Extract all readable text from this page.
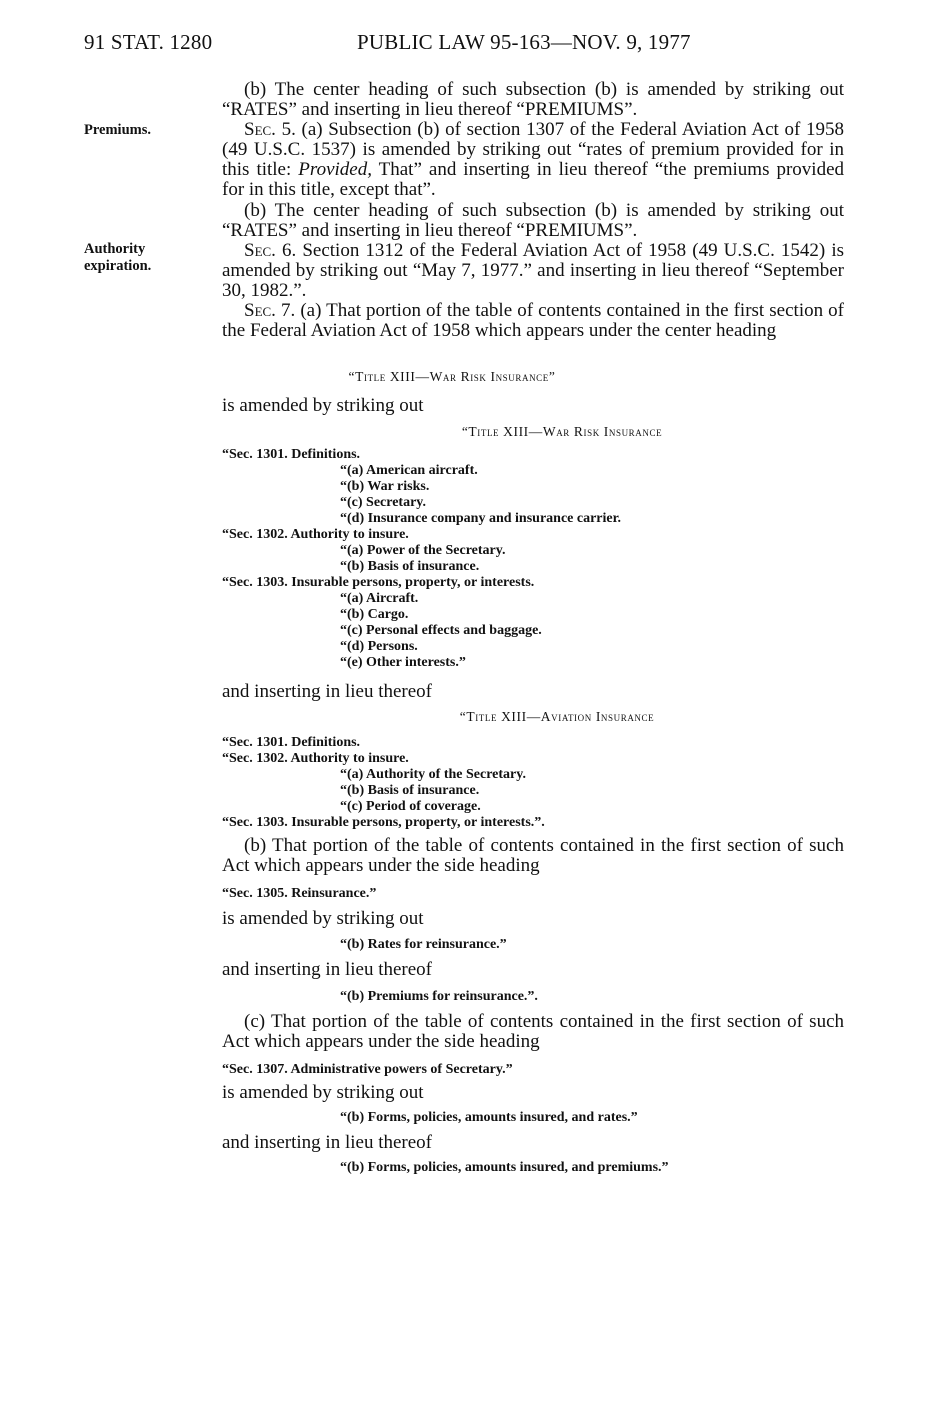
91 STAT. 1280	PUBLIC LAW 95-163—NOV. 9, 1977
Premiums.
Authority
expiration.

(b) The center heading of such subsection (b) is amended by striking out “RATES” and inserting in lieu thereof “PREMIUMS”.

Sec. 5. (a) Subsection (b) of section 1307 of the Federal Aviation Act of 1958 (49 U.S.C. 1537) is amended by striking out “rates of premium provided for in this title: Provided, That” and inserting in lieu thereof “the premiums provided for in this title, except that”.

(b) The center heading of such subsection (b) is amended by striking out “RATES” and inserting in lieu thereof “PREMIUMS”.

Sec. 6. Section 1312 of the Federal Aviation Act of 1958 (49 U.S.C. 1542) is amended by striking out “May 7, 1977.” and inserting in lieu thereof “September 30, 1982.”.

Sec. 7. (a) That portion of the table of contents contained in the first section of the Federal Aviation Act of 1958 which appears under the center heading

“Title XIII—War Risk Insurance”
is amended by striking out
“Title XIII—War Risk Insurance
“Sec. 1301. Definitions.
“(a) American aircraft.
“(b) War risks.
“(c) Secretary.
“(d) Insurance company and insurance carrier.
“Sec. 1302. Authority to insure.
“(a) Power of the Secretary.
“(b) Basis of insurance.
“Sec. 1303. Insurable persons, property, or interests.
“(a) Aircraft.
“(b) Cargo.
“(c) Personal effects and baggage.
“(d) Persons.
“(e) Other interests.”
and inserting in lieu thereof
“Title XIII—Aviation Insurance
“Sec. 1301. Definitions.
“Sec. 1302. Authority to insure.
“(a) Authority of the Secretary.
“(b) Basis of insurance.
“(c) Period of coverage.
“Sec. 1303. Insurable persons, property, or interests.”.

(b) That portion of the table of contents contained in the first section of such Act which appears under the side heading

“Sec. 1305. Reinsurance.”
is amended by striking out
“(b) Rates for reinsurance.”
and inserting in lieu thereof
“(b) Premiums for reinsurance.”.

(c) That portion of the table of contents contained in the first section of such Act which appears under the side heading

“Sec. 1307. Administrative powers of Secretary.”
is amended by striking out
“(b) Forms, policies, amounts insured, and rates.”
and inserting in lieu thereof
“(b) Forms, policies, amounts insured, and premiums.”
